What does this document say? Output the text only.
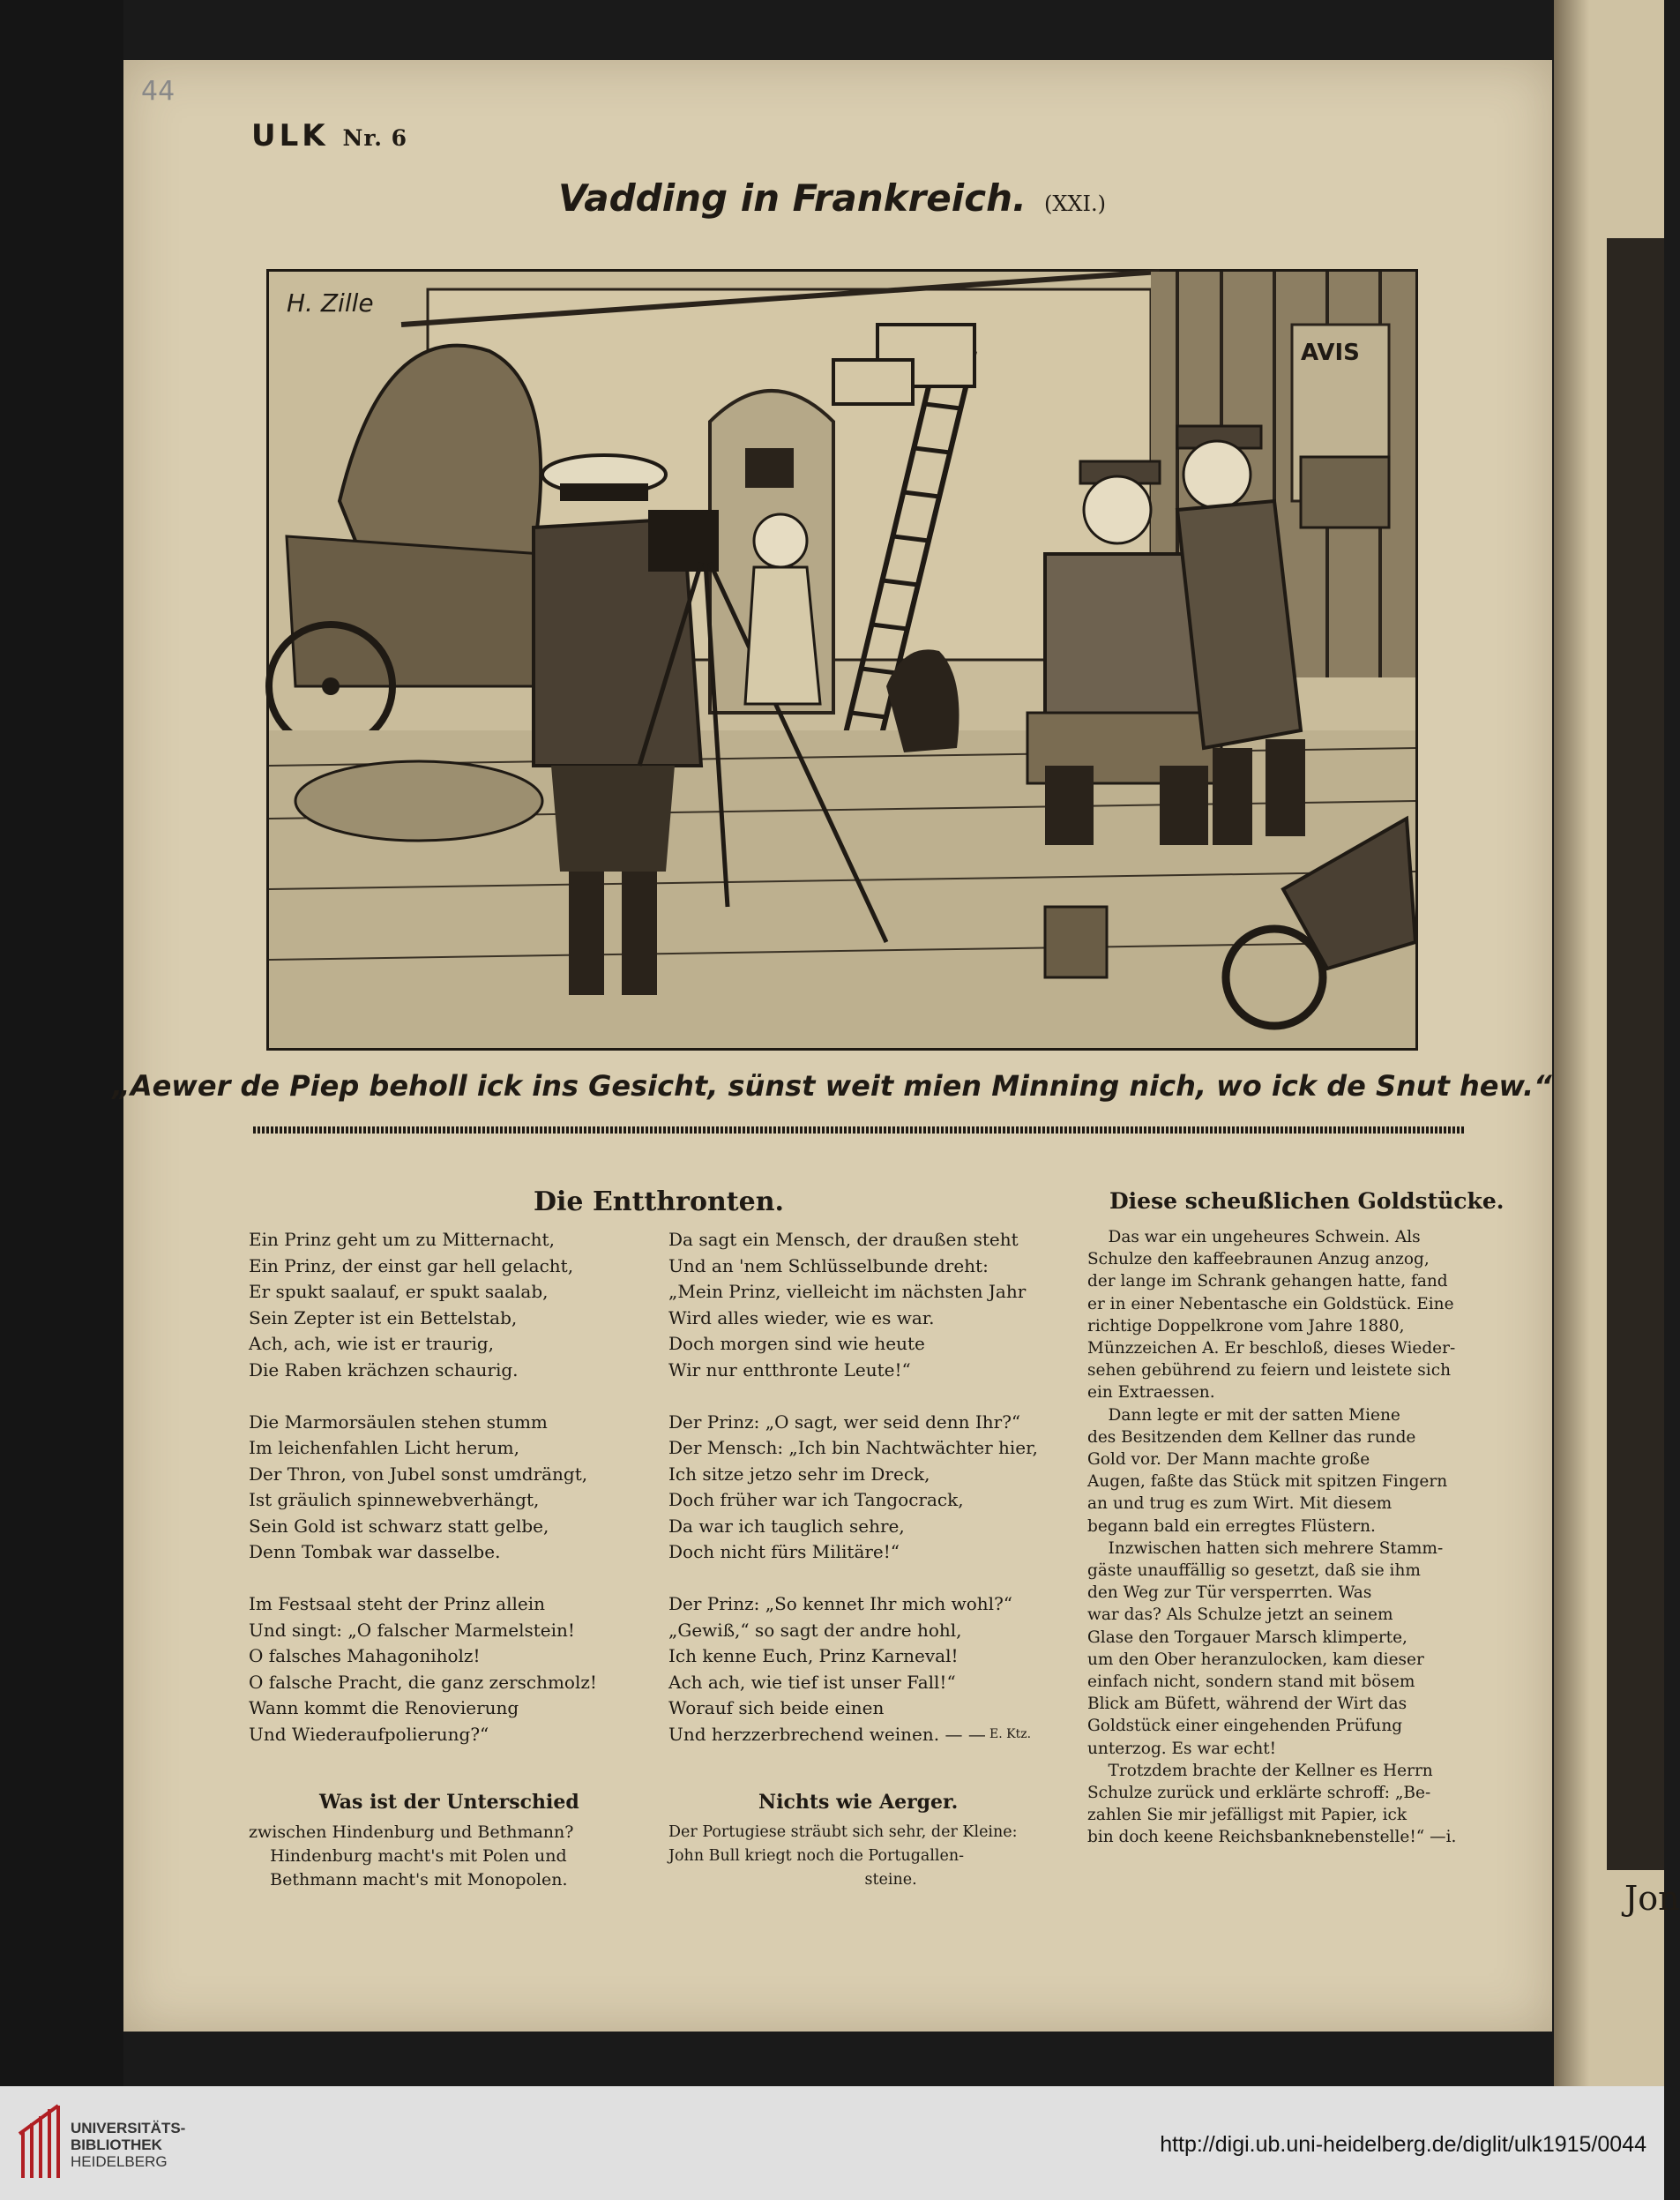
Jon
44
ULK Nr. 6
Vadding in Frankreich. (XXI.)
AVIS
H. Zille
„Aewer de Piep beholl ick ins Gesicht, sünst weit mien Minning nich, wo ick de Snut hew.“
Die Entthronten.
Ein Prinz geht um zu Mitternacht,
Ein Prinz, der einst gar hell gelacht,
Er spukt saalauf, er spukt saalab,
Sein Zepter ist ein Bettelstab,
Ach, ach, wie ist er traurig,
Die Raben krächzen schaurig.

Die Marmorsäulen stehen stumm
Im leichenfahlen Licht herum,
Der Thron, von Jubel sonst umdrängt,
Ist gräulich spinnewebverhängt,
Sein Gold ist schwarz statt gelbe,
Denn Tombak war dasselbe.

Im Festsaal steht der Prinz allein
Und singt: „O falscher Marmelstein!
O falsches Mahagoniholz!
O falsche Pracht, die ganz zerschmolz!
Wann kommt die Renovierung
Und Wiederaufpolierung?“
Da sagt ein Mensch, der draußen steht
Und an 'nem Schlüsselbunde dreht:
„Mein Prinz, vielleicht im nächsten Jahr
Wird alles wieder, wie es war.
Doch morgen sind wie heute
Wir nur entthronte Leute!“

Der Prinz: „O sagt, wer seid denn Ihr?“
Der Mensch: „Ich bin Nachtwächter hier,
Ich sitze jetzo sehr im Dreck,
Doch früher war ich Tangocrack,
Da war ich tauglich sehre,
Doch nicht fürs Militäre!“

Der Prinz: „So kennet Ihr mich wohl?“
„Gewiß,“ so sagt der andre hohl,
Ich kenne Euch, Prinz Karneval!
Ach ach, wie tief ist unser Fall!“
Worauf sich beide einen
Und herzzerbrechend weinen. — — E. Ktz.
Diese scheußlichen Goldstücke.
Das war ein ungeheures Schwein. Als
Schulze den kaffeebraunen Anzug anzog,
der lange im Schrank gehangen hatte, fand
er in einer Nebentasche ein Goldstück. Eine
richtige Doppelkrone vom Jahre 1880,
Münzzeichen A. Er beschloß, dieses Wieder-
sehen gebührend zu feiern und leistete sich
ein Extraessen.
Dann legte er mit der satten Miene
des Besitzenden dem Kellner das runde
Gold vor. Der Mann machte große
Augen, faßte das Stück mit spitzen Fingern
an und trug es zum Wirt. Mit diesem
begann bald ein erregtes Flüstern.
Inzwischen hatten sich mehrere Stamm-
gäste unauffällig so gesetzt, daß sie ihm
den Weg zur Tür versperrten. Was
war das? Als Schulze jetzt an seinem
Glase den Torgauer Marsch klimperte,
um den Ober heranzulocken, kam dieser
einfach nicht, sondern stand mit bösem
Blick am Büfett, während der Wirt das
Goldstück einer eingehenden Prüfung
unterzog. Es war echt!
Trotzdem brachte der Kellner es Herrn
Schulze zurück und erklärte schroff: „Be-
zahlen Sie mir jefälligst mit Papier, ick
bin doch keene Reichsbanknebenstelle!“ —i.
Was ist der Unterschied
zwischen Hindenburg und Bethmann?
Hindenburg macht's mit Polen und
Bethmann macht's mit Monopolen.
Nichts wie Aerger.
Der Portugiese sträubt sich sehr, der Kleine:
John Bull kriegt noch die Portugallen-
steine.
UNIVERSITÄTS-
BIBLIOTHEK
HEIDELBERG
http://digi.ub.uni-heidelberg.de/diglit/ulk1915/0044
